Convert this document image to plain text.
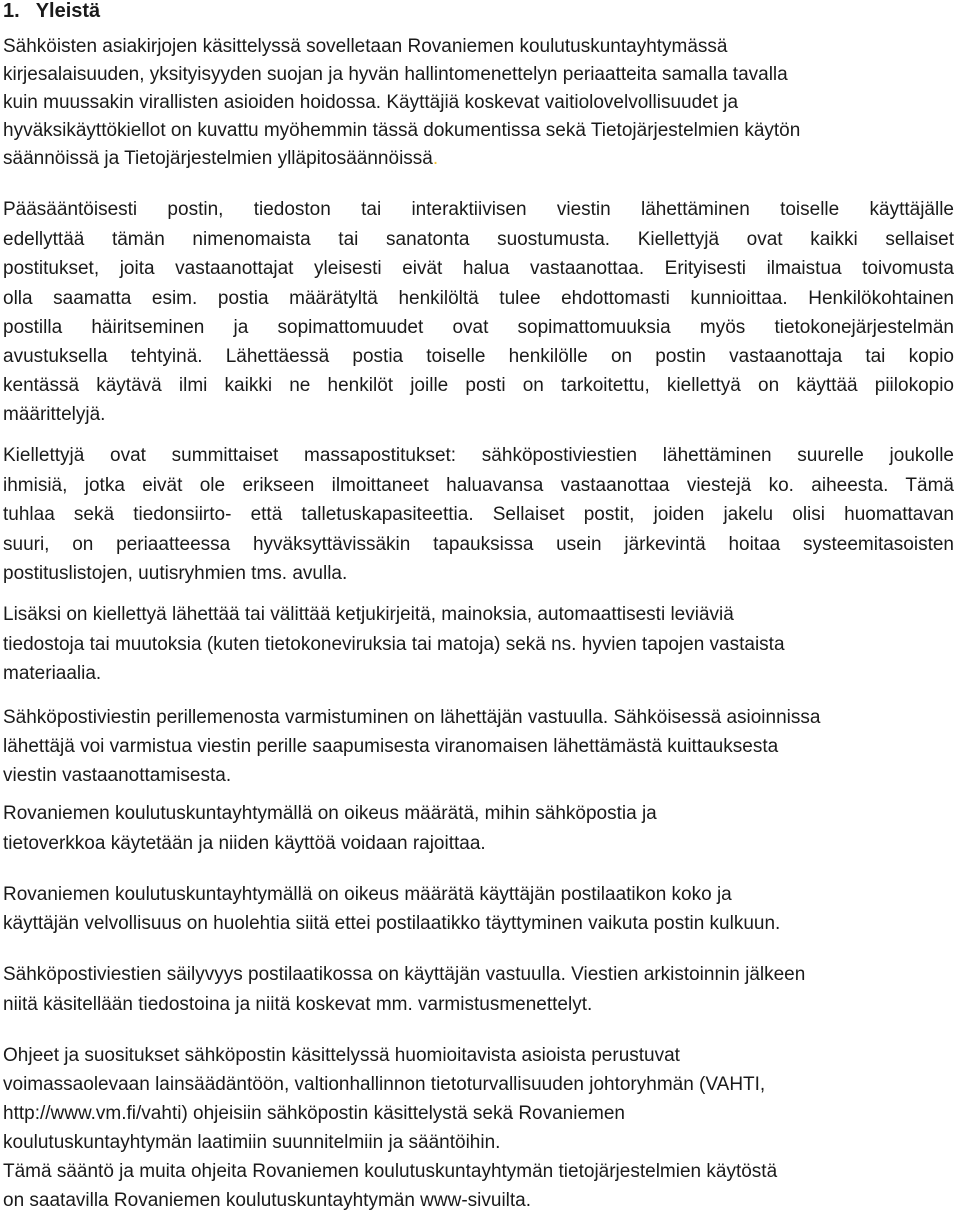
1. Yleistä
Sähköisten asiakirjojen käsittelyssä sovelletaan Rovaniemen koulutuskuntayhtymässä
kirjesalaisuuden, yksityisyyden suojan ja hyvän hallintomenettelyn periaatteita samalla tavalla
kuin muussakin virallisten asioiden hoidossa. Käyttäjiä koskevat vaitiolovelvollisuudet ja
hyväksikäyttökiellot on kuvattu myöhemmin tässä dokumentissa sekä Tietojärjestelmien käytön
säännöissä ja Tietojärjestelmien ylläpitosäännöissä.
Pääsääntöisesti postin, tiedoston tai interaktiivisen viestin lähettäminen toiselle käyttäjälle
edellyttää tämän nimenomaista tai sanatonta suostumusta. Kiellettyjä ovat kaikki sellaiset
postitukset, joita vastaanottajat yleisesti eivät halua vastaanottaa. Erityisesti ilmaistua toivomusta
olla saamatta esim. postia määrätyltä henkilöltä tulee ehdottomasti kunnioittaa. Henkilökohtainen
postilla häiritseminen ja sopimattomuudet ovat sopimattomuuksia myös tietokonejärjestelmän
avustuksella tehtyinä. Lähettäessä postia toiselle henkilölle on postin vastaanottaja tai kopio
kentässä käytävä ilmi kaikki ne henkilöt joille posti on tarkoitettu, kiellettyä on käyttää piilokopio
määrittelyjä.
Kiellettyjä ovat summittaiset massapostitukset: sähköpostiviestien lähettäminen suurelle joukolle
ihmisiä, jotka eivät ole erikseen ilmoittaneet haluavansa vastaanottaa viestejä ko. aiheesta. Tämä
tuhlaa sekä tiedonsiirto- että talletuskapasiteettia. Sellaiset postit, joiden jakelu olisi huomattavan
suuri, on periaatteessa hyväksyttävissäkin tapauksissa usein järkevintä hoitaa systeemitasoisten
postituslistojen, uutisryhmien tms. avulla.
Lisäksi on kiellettyä lähettää tai välittää ketjukirjeitä, mainoksia, automaattisesti leviäviä
tiedostoja tai muutoksia (kuten tietokoneviruksia tai matoja) sekä ns. hyvien tapojen vastaista
materiaalia.
Sähköpostiviestin perillemenosta varmistuminen on lähettäjän vastuulla. Sähköisessä asioinnissa
lähettäjä voi varmistua viestin perille saapumisesta viranomaisen lähettämästä kuittauksesta
viestin vastaanottamisesta.
Rovaniemen koulutuskuntayhtymällä on oikeus määrätä, mihin sähköpostia ja
tietoverkkoa käytetään ja niiden käyttöä voidaan rajoittaa.
Rovaniemen koulutuskuntayhtymällä on oikeus määrätä käyttäjän postilaatikon koko ja
käyttäjän velvollisuus on huolehtia siitä ettei postilaatikko täyttyminen vaikuta postin kulkuun.
Sähköpostiviestien säilyvyys postilaatikossa on käyttäjän vastuulla. Viestien arkistoinnin jälkeen
niitä käsitellään tiedostoina ja niitä koskevat mm. varmistusmenettelyt.
Ohjeet ja suositukset sähköpostin käsittelyssä huomioitavista asioista perustuvat
voimassaolevaan lainsäädäntöön, valtionhallinnon tietoturvallisuuden johtoryhmän (VAHTI,
http://www.vm.fi/vahti) ohjeisiin sähköpostin käsittelystä sekä Rovaniemen
koulutuskuntayhtymän laatimiin suunnitelmiin ja sääntöihin.
Tämä sääntö ja muita ohjeita Rovaniemen koulutuskuntayhtymän tietojärjestelmien käytöstä
on saatavilla Rovaniemen koulutuskuntayhtymän www-sivuilta.
